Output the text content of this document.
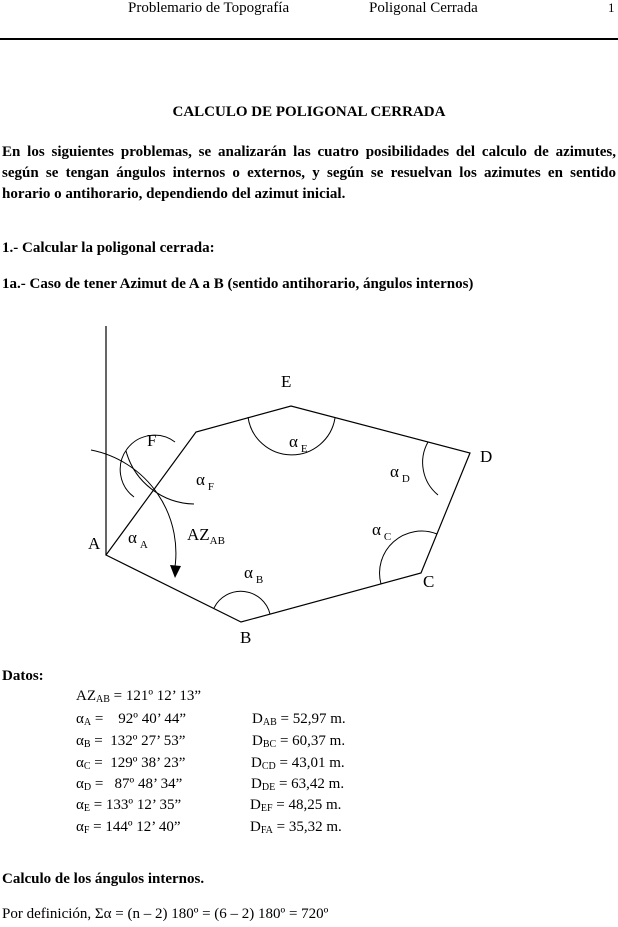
Problemario de Topografía	Poligonal Cerrada	1
CALCULO DE POLIGONAL CERRADA
En los siguientes problemas, se analizarán las cuatro posibilidades del calculo de azimutes, según se tengan ángulos internos o externos, y según se resuelvan los azimutes en sentido horario o antihorario, dependiendo del azimut inicial.
1.- Calcular la poligonal cerrada:
1a.- Caso de tener Azimut de A a B (sentido antihorario, ángulos internos)
E
F
D
A
C
B
α $_E$
α $_F$
α $_D$
α $_A$
α $_C$
α $_B$
$AZ_{AB}$
Datos:
$AZ_{AB}$ = 121º 12’ 13”
$\alpha_A$ =    92º 40’ 44”
$\alpha_B$ =  132º 27’ 53”
$\alpha_C$ =  129º 38’ 23”
$\alpha_D$ =   87º 48’ 34”
$\alpha_E$ = 133º 12’ 35”
$\alpha_F$ = 144º 12’ 40”
$D_{AB} = 52,97$ m.
$D_{BC} = 60,37$ m.
$D_{CD} = 43,01$ m.
$D_{DE} = 63,42$ m.
$D_{EF} = 48,25$ m.
$D_{FA} = 35,32$ m.
Calculo de los ángulos internos.
Por definición, Σα = (n – 2) 180º = (6 – 2) 180º = 720º
